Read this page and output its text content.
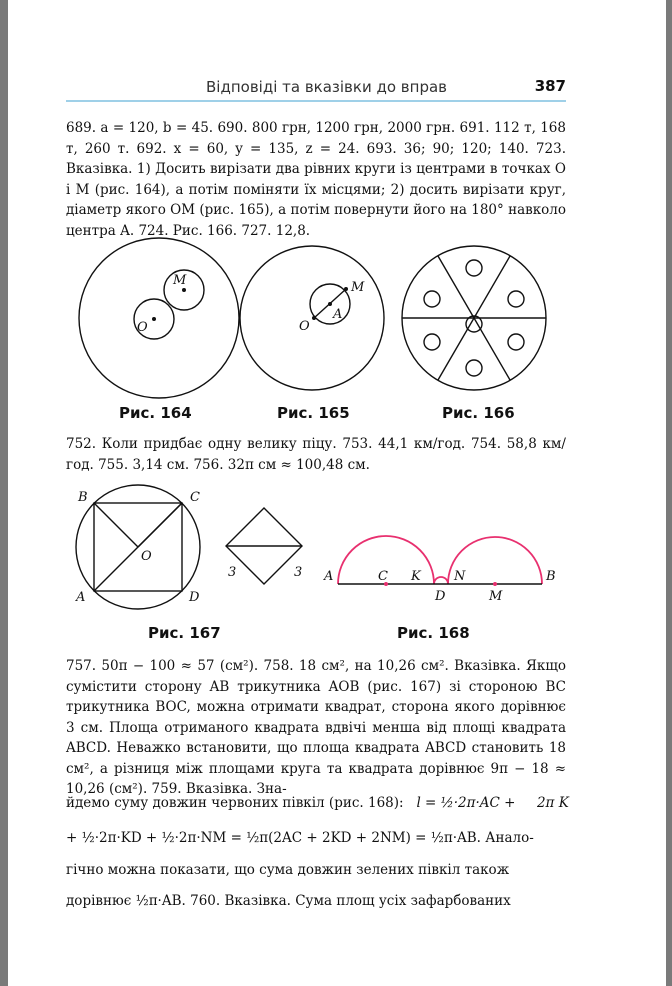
Відповіді та вказівки до вправ	387
689. a = 120, b = 45. 690. 800 грн, 1200 грн, 2000 грн. 691. 112 т, 168 т, 260 т. 692. x = 60, y = 135, z = 24. 693. 36; 90; 120; 140. 723. Вказівка. 1) Досить вирізати два рівних круги із центрами в точках O і M (рис. 164), а потім поміняти їх місцями; 2) досить вирізати круг, діаметр якого OM (рис. 165), а потім повернути його на 180° навколо центра A. 724. Рис. 166. 727. 12,8.
M
O
M
A
O
Рис. 164	Рис. 165	Рис. 166
752. Коли придбає одну велику піцу. 753. 44,1 км/год. 754. 58,8 км/год. 755. 3,14 см. 756. 32π см ≈ 100,48 см.
B	C
O
A	D
3	3 A	C K	N	B
D	M
Рис. 167	Рис. 168
757. 50π − 100 ≈ 57 (см²). 758. 18 см², на 10,26 см². Вказівка. Якщо сумістити сторону AB трикутника AOB (рис. 167) зі стороною BC трикутника BOC, можна отримати квадрат, сторона якого дорівнює 3 см. Площа отриманого квадрата вдвічі менша від площі квадрата ABCD. Неважко встановити, що площа квадрата ABCD становить 18 см², а різниця між площами круга та квадрата дорівнює 9π − 18 ≈ 10,26 (см²). 759. Вказівка. Зна-
йдемо суму довжин червоних півкіл (рис. 168): l = ½·2π·AC + 2π K
+ ½·2π·KD + ½·2π·NM = ½π(2AC + 2KD + 2NM) = ½π·AB. Анало-
гічно можна показати, що сума довжин зелених півкіл також
дорівнює ½π·AB. 760. Вказівка. Сума площ усіх зафарбованих
